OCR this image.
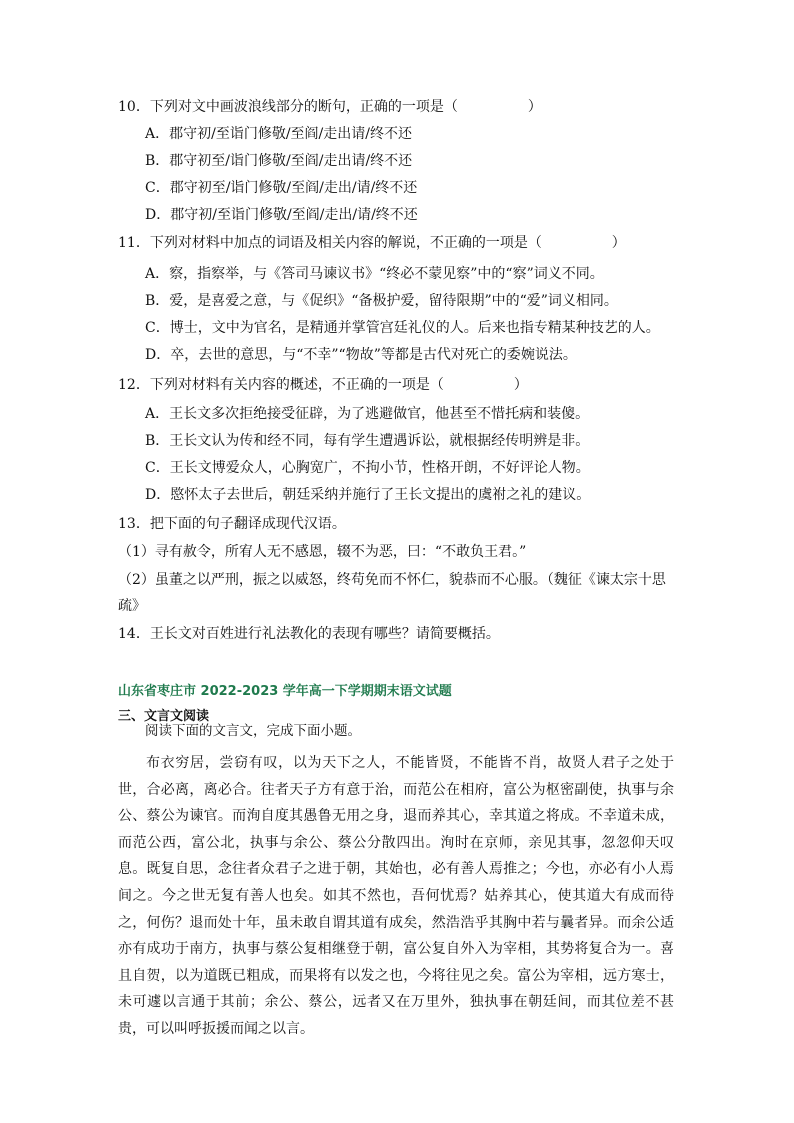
10．下列对文中画波浪线部分的断句，正确的一项是（　　　　　）
A．郡守初/至诣门修敬/至阎/走出请/终不还
B．郡守初至/诣门修敬/至阎/走出请/终不还
C．郡守初至/诣门修敬/至阎/走出/请/终不还
D．郡守初/至诣门修敬/至阎/走出/请/终不还
11．下列对材料中加点的词语及相关内容的解说，不正确的一项是（　　　　　）
A．察，指察举，与《答司马谏议书》“终必不蒙见察”中的“察”词义不同。
B．爱，是喜爱之意，与《促织》“备极护爱，留待限期”中的“爱”词义相同。
C．博士，文中为官名，是精通并掌管宫廷礼仪的人。后来也指专精某种技艺的人。
D．卒，去世的意思，与“不幸”“物故”等都是古代对死亡的委婉说法。
12．下列对材料有关内容的概述，不正确的一项是（　　　　　）
A．王长文多次拒绝接受征辟，为了逃避做官，他甚至不惜托病和装傻。
B．王长文认为传和经不同，每有学生遭遇诉讼，就根据经传明辨是非。
C．王长文博爱众人，心胸宽广，不拘小节，性格开朗，不好评论人物。
D．愍怀太子去世后，朝廷采纳并施行了王长文提出的虞祔之礼的建议。
13．把下面的句子翻译成现代汉语。
（1）寻有赦令，所宥人无不感恩，辍不为恶，曰：“不敢负王君。”
（2）虽董之以严刑，振之以威怒，终苟免而不怀仁，貌恭而不心服。（魏征《谏太宗十思
疏》
14．王长文对百姓进行礼法教化的表现有哪些？请简要概括。
山东省枣庄市 2022-2023 学年高一下学期期末语文试题
三、文言文阅读
阅读下面的文言文，完成下面小题。
布衣穷居，尝窃有叹，以为天下之人，不能皆贤，不能皆不肖，故贤人君子之处于世，合必离，离必合。往者天子方有意于治，而范公在相府，富公为枢密副使，执事与余公、蔡公为谏官。而洵自度其愚鲁无用之身，退而养其心，幸其道之将成。不幸道未成，而范公西，富公北，执事与余公、蔡公分散四出。洵时在京师，亲见其事，忽忽仰天叹息。既复自思，念往者众君子之进于朝，其始也，必有善人焉推之；今也，亦必有小人焉间之。今之世无复有善人也矣。如其不然也，吾何忧焉？姑养其心，使其道大有成而待之，何伤？退而处十年，虽未敢自谓其道有成矣，然浩浩乎其胸中若与曩者异。而余公适亦有成功于南方，执事与蔡公复相继登于朝，富公复自外入为宰相，其势将复合为一。喜且自贺，以为道既已粗成，而果将有以发之也，今将往见之矣。富公为宰相，远方寒士，未可遽以言通于其前；余公、蔡公，远者又在万里外，独执事在朝廷间，而其位差不甚贵，可以叫呼扳援而闻之以言。
